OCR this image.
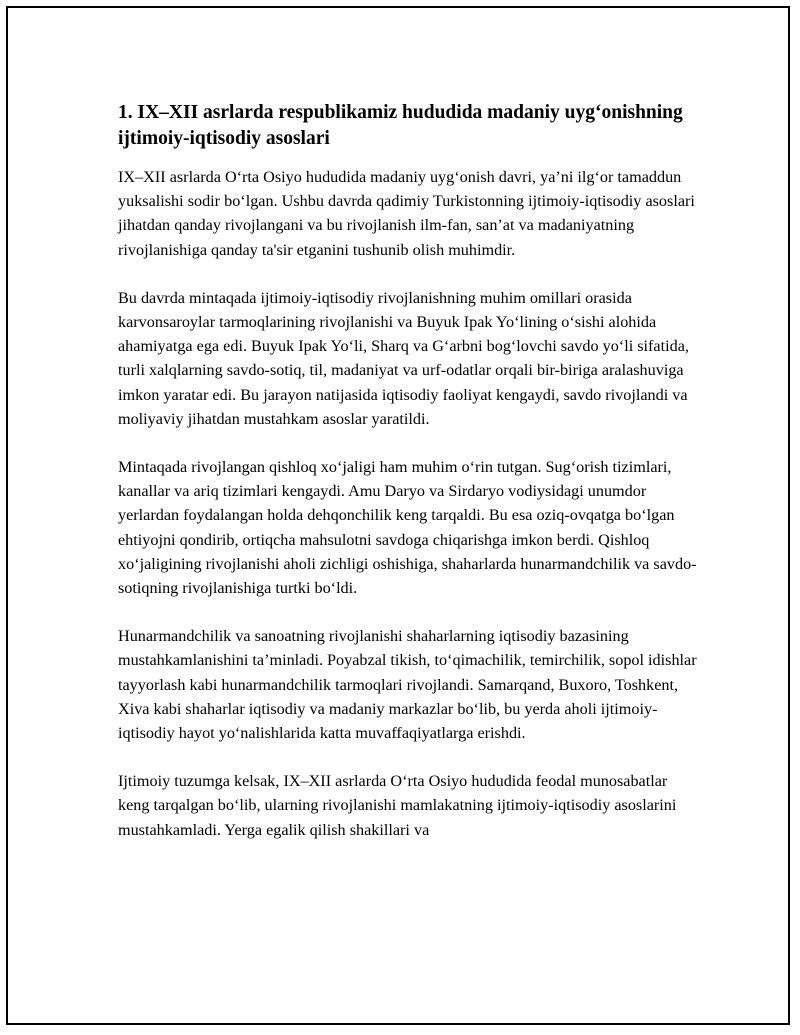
1. IX–XII asrlarda respublikamiz hududida madaniy uyg‘onishning ijtimoiy-iqtisodiy asoslari

IX–XII asrlarda O‘rta Osiyo hududida madaniy uyg‘onish davri, ya’ni ilg‘or tamaddun yuksalishi sodir bo‘lgan. Ushbu davrda qadimiy Turkistonning ijtimoiy-iqtisodiy asoslari jihatdan qanday rivojlangani va bu rivojlanish ilm-fan, san’at va madaniyatning rivojlanishiga qanday ta'sir etganini tushunib olish muhimdir.

Bu davrda mintaqada ijtimoiy-iqtisodiy rivojlanishning muhim omillari orasida karvonsaroylar tarmoqlarining rivojlanishi va Buyuk Ipak Yo‘lining o‘sishi alohida ahamiyatga ega edi. Buyuk Ipak Yo‘li, Sharq va G‘arbni bog‘lovchi savdo yo‘li sifatida, turli xalqlarning savdo-sotiq, til, madaniyat va urf-odatlar orqali bir-biriga aralashuviga imkon yaratar edi. Bu jarayon natijasida iqtisodiy faoliyat kengaydi, savdo rivojlandi va moliyaviy jihatdan mustahkam asoslar yaratildi.

Mintaqada rivojlangan qishloq xo‘jaligi ham muhim o‘rin tutgan. Sug‘orish tizimlari, kanallar va ariq tizimlari kengaydi. Amu Daryo va Sirdaryo vodiysidagi unumdor yerlardan foydalangan holda dehqonchilik keng tarqaldi. Bu esa oziq-ovqatga bo‘lgan ehtiyojni qondirib, ortiqcha mahsulotni savdoga chiqarishga imkon berdi. Qishloq xo‘jaligining rivojlanishi aholi zichligi oshishiga, shaharlarda hunarmandchilik va savdo-sotiqning rivojlanishiga turtki bo‘ldi.

Hunarmandchilik va sanoatning rivojlanishi shaharlarning iqtisodiy bazasining mustahkamlanishini ta’minladi. Poyabzal tikish, to‘qimachilik, temirchilik, sopol idishlar tayyorlash kabi hunarmandchilik tarmoqlari rivojlandi. Samarqand, Buxoro, Toshkent, Xiva kabi shaharlar iqtisodiy va madaniy markazlar bo‘lib, bu yerda aholi ijtimoiy-iqtisodiy hayot yo‘nalishlarida katta muvaffaqiyatlarga erishdi.

Ijtimoiy tuzumga kelsak, IX–XII asrlarda O‘rta Osiyo hududida feodal munosabatlar keng tarqalgan bo‘lib, ularning rivojlanishi mamlakatning ijtimoiy-iqtisodiy asoslarini mustahkamladi. Yerga egalik qilish shakillari va
